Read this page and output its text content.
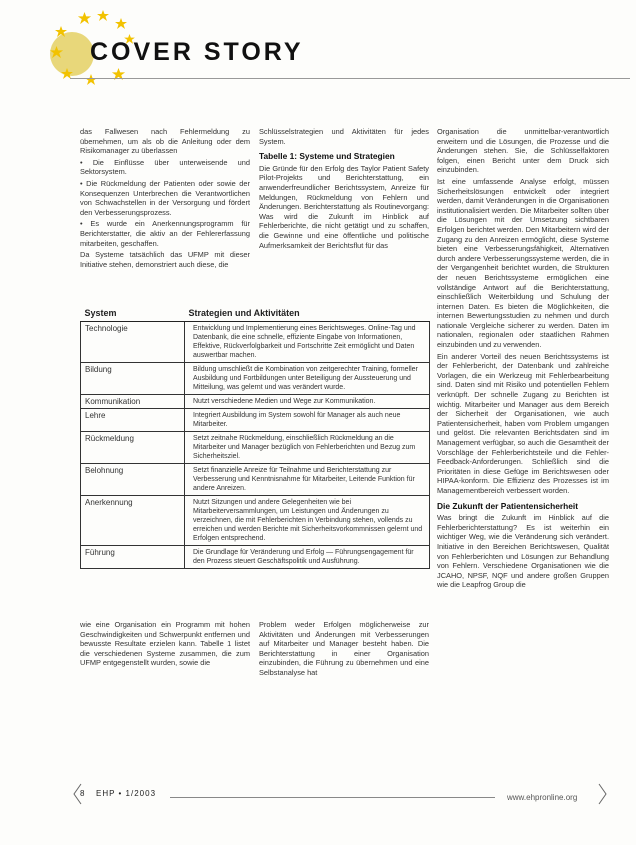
COVER STORY

das Fallwesen nach Fehlermeldung zu übernehmen, um als ob die Anleitung oder dem Risikomanager zu überlassen

• Die Einflüsse über unterweisende und Sektorsystem.

• Die Rückmeldung der Patienten oder sowie der Konsequenzen Unterbrechen die Verantwortlichen von Schwachstellen in der Versorgung und fördert den Verbesserungsprozess.

• Es wurde ein Anerkennungsprogramm für Berichterstatter, die aktiv an der Fehlererfassung mitarbeiten, geschaffen.

Da Systeme tatsächlich das UFMP mit dieser Initiative stehen, demonstriert auch diese, die

Schlüsselstrategien und Aktivitäten für jedes System.

Tabelle 1: Systeme und Strategien

Die Gründe für den Erfolg des Taylor Patient Safety Pilot-Projekts und Berichterstattung, ein anwenderfreundlicher Berichtssystem, Anreize für Meldungen, Rückmeldung von Fehlern und Änderungen. Berichterstattung als Routinevorgang: Was wird die Zukunft im Hinblick auf Fehlerberichte, die nicht getätigt und zu schaffen, die Gewinne und eine öffentliche und politische Aufmerksamkeit der Berichtsflut für das

System	Strategien und Aktivitäten
Technologie	Entwicklung und Implementierung eines Berichtsweges. Online-Tag und Datenbank, die eine schnelle, effiziente Eingabe von Informationen, Effektive, Rückverfolgbarkeit und Fortschritte Zeit ermöglicht und Daten auswertbar machen.
Bildung	Bildung umschließt die Kombination von zeitgerechter Training, formeller Ausbildung und Fortbildungen unter Beteiligung der Aussteuerung und Mitteilung, was gelernt und was verändert wurde.
Kommunikation	Nutzt verschiedene Medien und Wege zur Kommunikation.
Lehre	Integriert Ausbildung im System sowohl für Manager als auch neue Mitarbeiter.
Rückmeldung	Setzt zeitnahe Rückmeldung, einschließlich Rückmeldung an die Mitarbeiter und Manager bezüglich von Fehlerberichten und Bezug zum Sicherheitsziel.
Belohnung	Setzt finanzielle Anreize für Teilnahme und Berichterstattung zur Verbesserung und Kenntnisnahme für Mitarbeiter, Leitende Funktion für andere Anreizen.
Anerkennung	Nutzt Sitzungen und andere Gelegenheiten wie bei Mitarbeiterversammlungen, um Leistungen und Änderungen zu verzeichnen, die mit Fehlerberichten in Verbindung stehen, vollends zu erreichen und werden Berichte mit Sicherheitsvorkommnissen gelernt und Erfolgen entsprechend.
Führung	Die Grundlage für Veränderung und Erfolg — Führungsengagement für den Prozess steuert Geschäftspolitik und Ausführung.

wie eine Organisation ein Programm mit hohen Geschwindigkeiten und Schwerpunkt entfernen und bewusste Resultate erzielen kann. Tabelle 1 listet die verschiedenen Systeme zusammen, die zum UFMP entgegenstellt wurden, sowie die

Problem weder Erfolgen möglicherweise zur Aktivitäten und Änderungen mit Verbesserungen auf Mitarbeiter und Manager besteht haben. Die Berichterstattung in einer Organisation einzubinden, die Führung zu übernehmen und eine Selbstanalyse hat

Organisation die unmittelbar-verantwortlich erweitern und die Lösungen, die Prozesse und die Änderungen stehen. Sie, die Schlüsselfaktoren folgen, einen Bericht unter dem Druck sich einzubinden.

Ist eine umfassende Analyse erfolgt, müssen Sicherheitslösungen entwickelt oder integriert werden, damit Veränderungen in die Organisationen institutionalisiert werden. Die Mitarbeiter sollten über die Lösungen mit der Umsetzung sichtbaren Erfolgen berichtet werden. Den Mitarbeitern wird der Zugang zu den Anreizen ermöglicht, diese Systeme bieten eine Verbesserungsfähigkeit, Alternativen durch andere Verbesserungssysteme werden, die in der Vergangenheit berichtet wurden, die Strukturen der neuen Berichtssysteme ermöglichen eine vollständige Antwort auf die Berichterstattung, einschließlich Weiterbildung und Schulung der internen Daten. Es bieten die Möglichkeiten, die internen Bewertungsstudien zu nehmen und durch nationale Vergleiche sicherer zu werden. Daten im nationalen, regionalen oder staatlichen Rahmen einzubinden und zu verwenden.

Ein anderer Vorteil des neuen Berichtssystems ist der Fehlerbericht, der Datenbank und zahlreiche Vorlagen, die ein Werkzeug mit Fehlerbearbeitung sind. Daten sind mit Risiko und potentiellen Fehlern verknüpft. Der schnelle Zugang zu Berichten ist wichtig. Mitarbeiter und Manager aus dem Bereich der Sicherheit der Organisationen, wie auch Patientensicherheit, haben vom Problem umgangen und gelöst. Die relevanten Berichtsdaten sind im Management verfügbar, so auch die Gesamtheit der Vorschläge der Fehlerberichtsteile und die Fehler-Feedback-Anforderungen. Schließlich sind die Prioritäten in diese Gefüge im Berichtswesen oder HIPAA-konform. Die Effizienz des Prozesses ist im Managementbereich verbessert worden.

Die Zukunft der Patientensicherheit

Was bringt die Zukunft im Hinblick auf die Fehlerberichterstattung? Es ist weiterhin ein wichtiger Weg, wie die Veränderung sich verändert. Initiative in den Bereichen Berichtswesen, Qualität von Fehlerberichten und Lösungen zur Behandlung von Fehlern. Verschiedene Organisationen wie die JCAHO, NPSF, NQF und andere großen Gruppen wie die Leapfrog Group die

8 EHP • 1/2003	www.ehpronline.org
